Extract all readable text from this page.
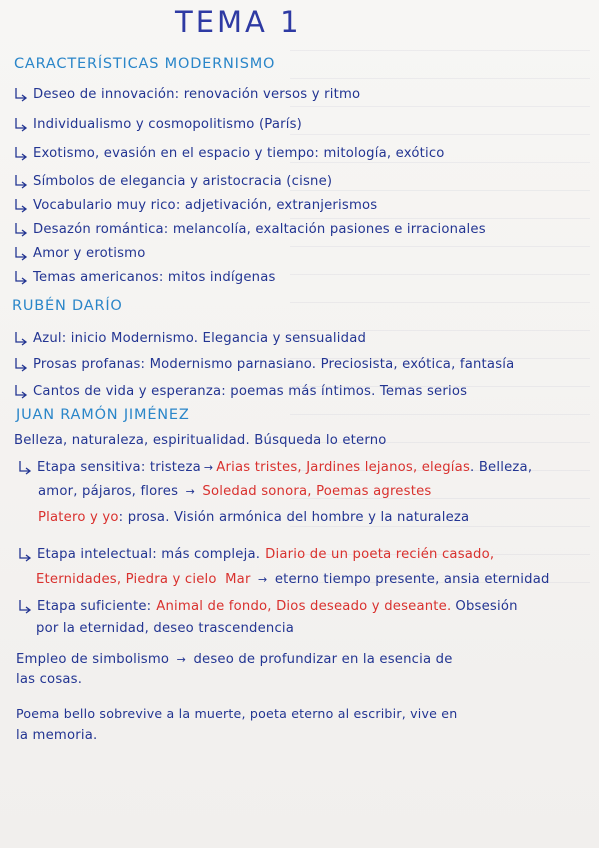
TEMA 1
CARACTERÍSTICAS MODERNISMO
Deseo de innovación: renovación versos y ritmo
Individualismo y cosmopolitismo (París)
Exotismo, evasión en el espacio y tiempo: mitología, exótico
Símbolos de elegancia y aristocracia (cisne)
Vocabulario muy rico: adjetivación, extranjerismos
Desazón romántica: melancolía, exaltación pasiones e irracionales
Amor y erotismo
Temas americanos: mitos indígenas
RUBÉN DARÍO
Azul: inicio Modernismo. Elegancia y sensualidad
Prosas profanas: Modernismo parnasiano. Preciosista, exótica, fantasía
Cantos de vida y esperanza: poemas más íntimos. Temas serios
JUAN RAMÓN JIMÉNEZ
Belleza, naturaleza, espiritualidad. Búsqueda lo eterno
Etapa sensitiva: tristeza → Arias tristes, Jardines lejanos, elegías . Belleza,
amor, pájaros, flores → Soledad sonora, Poemas agrestes
Platero y yo: prosa. Visión armónica del hombre y la naturaleza
Etapa intelectual: más compleja. Diario de un poeta recién casado,
Eternidades, Piedra y cielo Mar → eterno tiempo presente, ansia eternidad
Etapa suficiente: Animal de fondo, Dios deseado y deseante. Obsesión
por la eternidad, deseo trascendencia
Empleo de simbolismo → deseo de profundizar en la esencia de
las cosas.
Poema bello sobrevive a la muerte, poeta eterno al escribir, vive en
la memoria.
